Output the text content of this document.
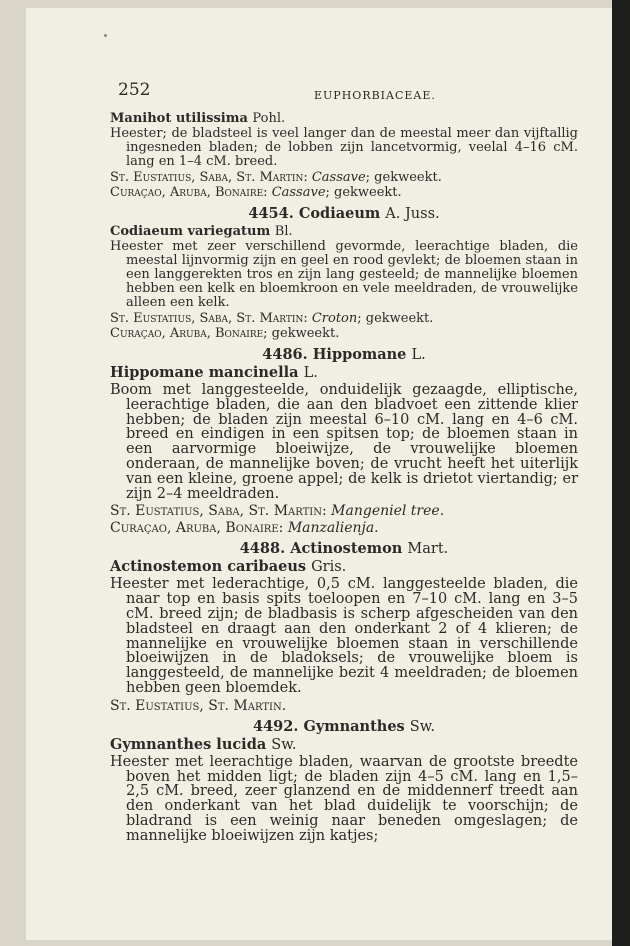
252	EUPHORBIACEAE.
Manihot utilissima Pohl.

Heester; de bladsteel is veel langer dan de meestal meer dan vijftallig ingesneden bladen; de lobben zijn lancetvormig, veelal 4–16 cM. lang en 1–4 cM. breed.

St. Eustatius, Saba, St. Martin: Cassave; gekweekt.
Curaçao, Aruba, Bonaire: Cassave; gekweekt.
4454. Codiaeum A. Juss.
Codiaeum variegatum Bl.

Heester met zeer verschillend gevormde, leerachtige bladen, die meestal lijnvormig zijn en geel en rood gevlekt; de bloemen staan in een langgerekten tros en zijn lang gesteeld; de mannelijke bloemen hebben een kelk en bloemkroon en vele meeldraden, de vrouwelijke alleen een kelk.

St. Eustatius, Saba, St. Martin: Croton; gekweekt.
Curaçao, Aruba, Bonaire; gekweekt.
4486. Hippomane L.
Hippomane mancinella L.

Boom met langgesteelde, onduidelijk gezaagde, elliptische, leerachtige bladen, die aan den bladvoet een zittende klier hebben; de bladen zijn meestal 6–10 cM. lang en 4–6 cM. breed en eindigen in een spitsen top; de bloemen staan in een aarvormige bloeiwijze, de vrouwelijke bloemen onderaan, de mannelijke boven; de vrucht heeft het uiterlijk van een kleine, groene appel; de kelk is drietot viertandig; er zijn 2–4 meeldraden.

St. Eustatius, Saba, St. Martin: Mangeniel tree.
Curaçao, Aruba, Bonaire: Manzalienja.
4488. Actinostemon Mart.
Actinostemon caribaeus Gris.

Heester met lederachtige, 0,5 cM. langgesteelde bladen, die naar top en basis spits toeloopen en 7–10 cM. lang en 3–5 cM. breed zijn; de bladbasis is scherp afgescheiden van den bladsteel en draagt aan den onderkant 2 of 4 klieren; de mannelijke en vrouwelijke bloemen staan in verschillende bloeiwijzen in de bladoksels; de vrouwelijke bloem is langgesteeld, de mannelijke bezit 4 meeldraden; de bloemen hebben geen bloemdek.

St. Eustatius, St. Martin.
4492. Gymnanthes Sw.
Gymnanthes lucida Sw.

Heester met leerachtige bladen, waarvan de grootste breedte boven het midden ligt; de bladen zijn 4–5 cM. lang en 1,5–2,5 cM. breed, zeer glanzend en de middennerf treedt aan den onderkant van het blad duidelijk te voorschijn; de bladrand is een weinig naar beneden omgeslagen; de mannelijke bloeiwijzen zijn katjes;
